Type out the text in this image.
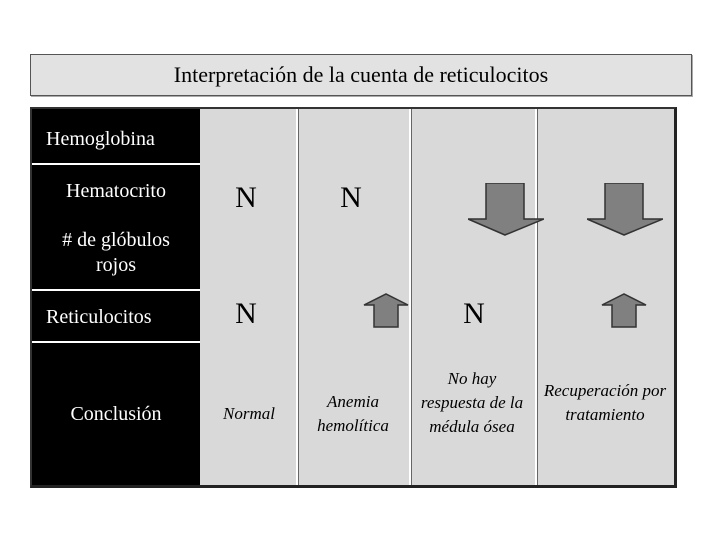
Interpretación de la cuenta de reticulocitos
Hemoglobina
Hematocrito
# de glóbulos rojos
Reticulocitos
Conclusión
N	N
N	N
Normal
Anemia hemolítica
No hay respuesta de la médula ósea
Recuperación por tratamiento
